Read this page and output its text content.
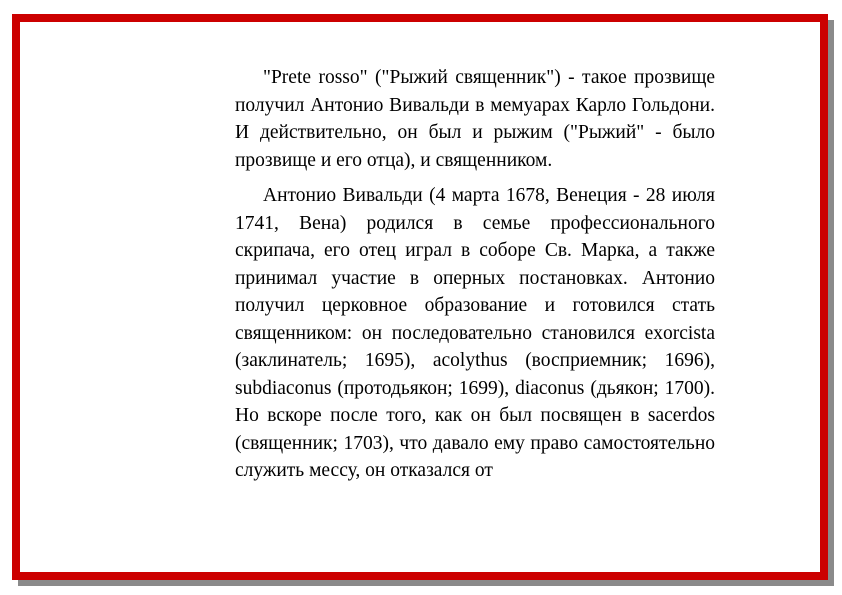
"Prete rosso" ("Рыжий священник") - такое прозвище получил Антонио Вивальди в мемуарах Карло Гольдони. И действительно, он был и рыжим ("Рыжий" - было прозвище и его отца), и священником.

Антонио Вивальди (4 марта 1678, Венеция - 28 июля 1741, Вена) родился в семье профессионального скрипача, его отец играл в соборе Св. Марка, а также принимал участие в оперных постановках. Антонио получил церковное образование и готовился стать священником: он последовательно становился exorcista (заклинатель; 1695), acolythus (восприемник; 1696), subdiaconus (протодьякон; 1699), diaconus (дьякон; 1700). Но вскоре после того, как он был посвящен в sacerdos (священник; 1703), что давало ему право самостоятельно служить мессу, он отказался от
